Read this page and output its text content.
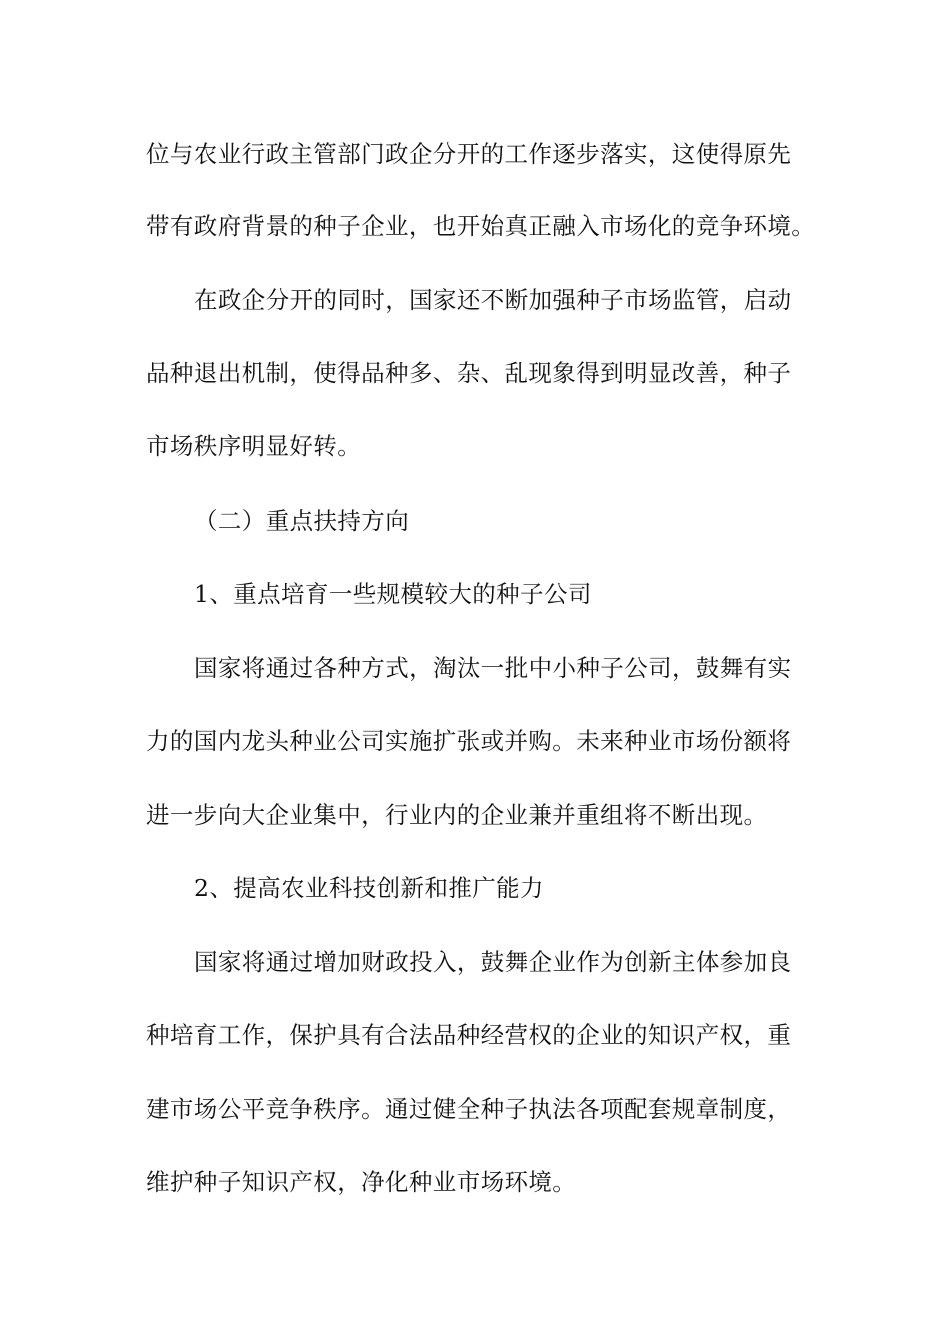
位与农业行政主管部门政企分开的工作逐步落实，这使得原先
带有政府背景的种子企业，也开始真正融入市场化的竞争环境。
在政企分开的同时，国家还不断加强种子市场监管，启动
品种退出机制，使得品种多、杂、乱现象得到明显改善，种子
市场秩序明显好转。
（二）重点扶持方向
1、重点培育一些规模较大的种子公司
国家将通过各种方式，淘汰一批中小种子公司，鼓舞有实
力的国内龙头种业公司实施扩张或并购。未来种业市场份额将
进一步向大企业集中，行业内的企业兼并重组将不断出现。
2、提高农业科技创新和推广能力
国家将通过增加财政投入，鼓舞企业作为创新主体参加良
种培育工作，保护具有合法品种经营权的企业的知识产权，重
建市场公平竞争秩序。通过健全种子执法各项配套规章制度，
维护种子知识产权，净化种业市场环境。
